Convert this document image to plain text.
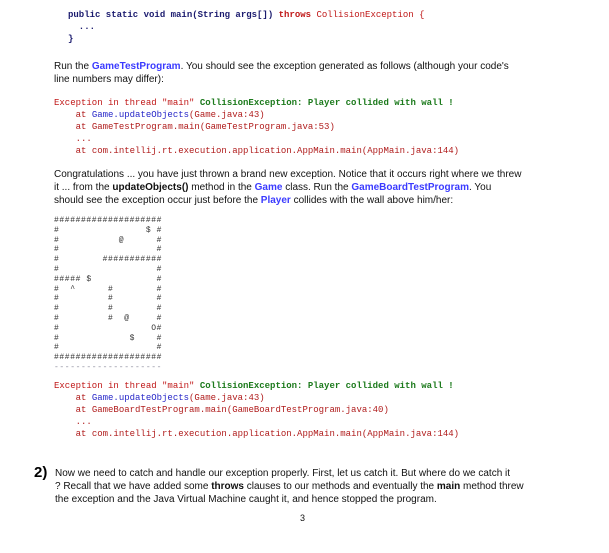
public static void main(String args[]) throws CollisionException {
...
}
Run the GameTestProgram. You should see the exception generated as follows (although your code's
line numbers may differ):
Exception in thread "main" CollisionException: Player collided with wall !
at Game.updateObjects(Game.java:43)
at GameTestProgram.main(GameTestProgram.java:53)
...
at com.intellij.rt.execution.application.AppMain.main(AppMain.java:144)
Congratulations ... you have just thrown a brand new exception. Notice that it occurs right where we threw
it ... from the updateObjects() method in the Game class. Run the GameBoardTestProgram. You
should see the exception occur just before the Player collides with the wall above him/her:
####################
#                $ #
#           @      #
#                  #
#        ###########
#                  #
##### $            #
#  ^      #        #
#         #        #
#         #        #
#         #  @     #
#                 O#
#             $    #
#                  #
####################
--------------------
Exception in thread "main" CollisionException: Player collided with wall !
at Game.updateObjects(Game.java:43)
at GameBoardTestProgram.main(GameBoardTestProgram.java:40)
...
at com.intellij.rt.execution.application.AppMain.main(AppMain.java:144)
2) Now we need to catch and handle our exception properly. First, let us catch it. But where do we catch it
? Recall that we have added some throws clauses to our methods and eventually the main method threw
the exception and the Java Virtual Machine caught it, and hence stopped the program.
3
